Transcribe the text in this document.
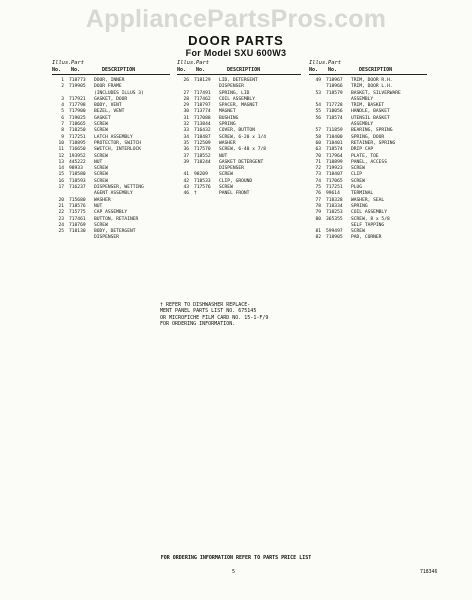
AppliancePartsPros.com
DOOR PARTS
For Model SXU 600W3
Illus. Part
No. No.	DESCRIPTION
1 718773 DOOR, INNER
2 719905 DOOR FRAME
(INCLUDES ILLUS 3)
3 717921 GASKET, DOOR
4 717798 BODY, VENT
5 717900 BEZEL, VENT
6 719025 GASKET
7 718665 SCREW
8 718250 SCREW
9 717251 LATCH ASSEMBLY
10 718895 PROTECTOR, SWITCH
11 716650 SWITCH, INTERLOCK
12 193952 SCREW
13 445222 NUT
14 98933 SCREW
15 718580 SCREW
16 718593 SCREW
17 716237 DISPENSER, WETTING
AGENT ASSEMBLY
20 715680 WASHER
21 718576 NUT
22 715775 CAP ASSEMBLY
23 717461 BUTTON, RETAINER
24 718769 SCREW
25 718130 BODY, DETERGENT
DISPENSER
Illus. Part
No. No.	DESCRIPTION
26 718129 LID, DETERGENT
DISPENSER
27 717491 SPRING, LID
28 717462 COIL ASSEMBLY
29 718797 SPACER, MAGNET
30 713774 MAGNET
31 717088 BUSHING
32 713844 SPRING
33 716432 COVER, BUTTON
34 718487 SCREW, 6-20 x 1/4
35 712509 WASHER
36 717570 SCREW, 6-40 x 7/8
37 718552 NUT
39 718244 GASKET DETERGENT
DISPENSER
41 98209 SCREW
42 718533 CLIP, GROUND
43 717576 SCREW
46 †	PANEL FRONT
Illus. Part
No. No.	DESCRIPTION
49 718967 TRIM, DOOR R.H.
718966 TRIM, DOOR L.H.
53 718579 BASKET, SILVERWARE
ASSEMBLY
54 717728 TRIM, BASKET
55 718056 HANDLE, BASKET
56 718574 UTENSIL BASKET
ASSEMBLY
57 711859 BEARING, SPRING
58 718400 SPRING, DOOR
60 718401 RETAINER, SPRING
63 718574 DRIP CAP
70 717964 PLATE, TOE
71 718899 PANEL, ACCESS
72 719923 SCREW
73 718407 CLIP
74 717065 SCREW
75 717251 PLUG
76 99614 TERMINAL
77 718328 WASHER, SEAL
78 718334 SPRING
79 718253 COIL ASSEMBLY
80 365355 SCREW, 8 x 5/8
SELF TAPPING
81 599497 SCREW
82 718905 PAD, CORNER
† REFER TO DISHWASHER REPLACE-
MENT PANEL PARTS LIST NO. 675145
OR MICROFICHE FILM CARD NO. 15-1-F/9
FOR ORDERING INFORMATION.
FOR ORDERING INFORMATION REFER TO PARTS PRICE LIST
5	718346
